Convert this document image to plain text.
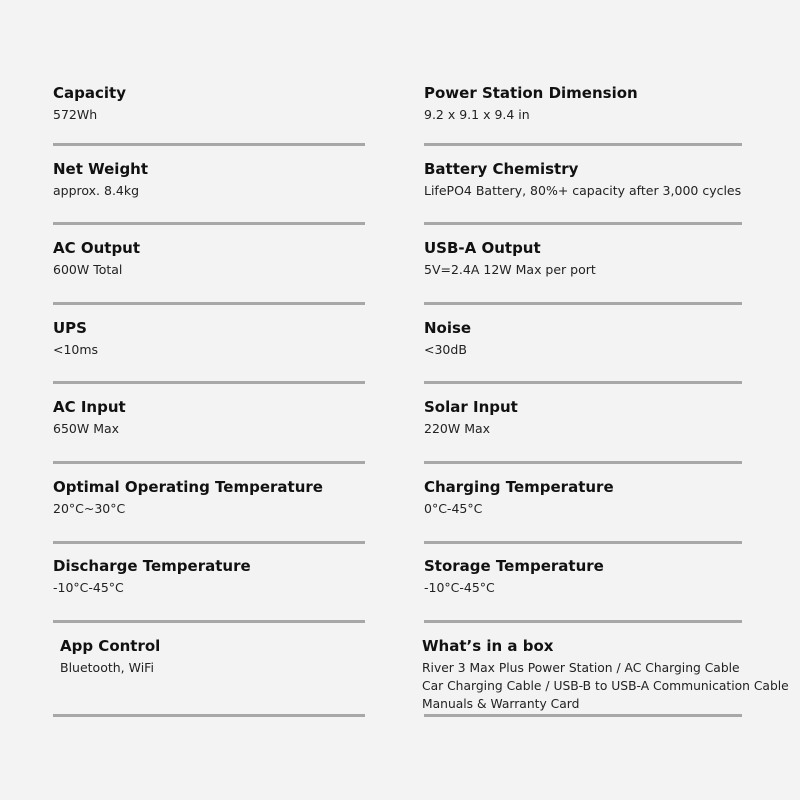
Capacity
572Wh
Net Weight
approx. 8.4kg
AC Output
600W Total
UPS
<10ms
AC Input
650W Max
Optimal Operating Temperature
20°C~30°C
Discharge Temperature
-10°C-45°C
App Control
Bluetooth, WiFi
Power Station Dimension
9.2 x 9.1 x 9.4 in
Battery Chemistry
LifePO4 Battery, 80%+ capacity after 3,000 cycles
USB-A Output
5V=2.4A 12W Max per port
Noise
<30dB
Solar Input
220W Max
Charging Temperature
0°C-45°C
Storage Temperature
-10°C-45°C
What’s in a box
River 3 Max Plus Power Station / AC Charging Cable
Car Charging Cable / USB-B to USB-A Communication Cable
Manuals & Warranty Card
